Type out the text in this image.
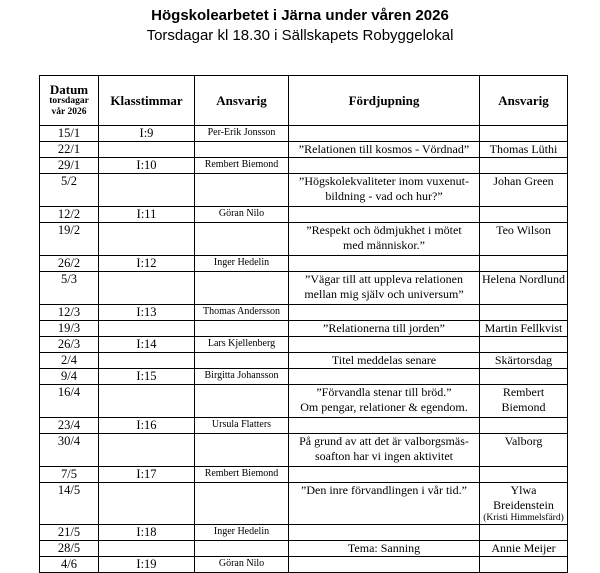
Högskolearbetet i Järna under våren 2026
Torsdagar kl 18.30 i Sällskapets Robyggelokal
Datum
torsdagar
vår 2026	Klasstimmar	Ansvarig	Fördjupning	Ansvarig
15/1	I:9	Per-Erik Jonsson	

22/1			”Relationen till kosmos - Vördnad”	Thomas Lüthi

29/1	I:10	Rembert Biemond	

5/2			”Högskolekvaliteter inom vuxenut-
bildning - vad och hur?”	Johan Green

12/2	I:11	Göran Nilo	

19/2			”Respekt och ödmjukhet i mötet
med människor.”	Teo Wilson

26/2	I:12	Inger Hedelin	

5/3			”Vägar till att uppleva relationen
mellan mig själv och universum”	Helena Nordlund

12/3	I:13	Thomas Andersson	

19/3			”Relationerna till jorden”	Martin Fellkvist

26/3	I:14	Lars Kjellenberg	

2/4			Titel meddelas senare	Skärtorsdag

9/4	I:15	Birgitta Johansson	

16/4			”Förvandla stenar till bröd.”
Om pengar, relationer & egendom.	Rembert Biemond

23/4	I:16	Ursula Flatters	

30/4			På grund av att det är valborgsmäs-
soafton har vi ingen aktivitet	Valborg

7/5	I:17	Rembert Biemond	

14/5			”Den inre förvandlingen i vår tid.”	Ylwa Breidenstein
(Kristi Himmelsfärd)

21/5	I:18	Inger Hedelin	

28/5			Tema: Sanning	Annie Meijer

4/6	I:19	Göran Nilo	
